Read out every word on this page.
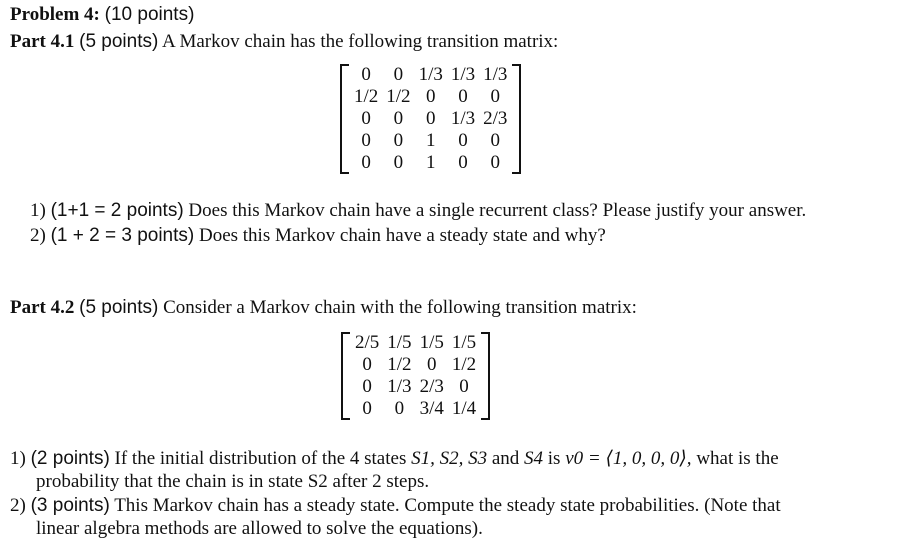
Problem 4: (10 points)
Part 4.1 (5 points) A Markov chain has the following transition matrix:
0	0	1/3	1/3	1/3
1/2	1/2	0	0	0
0	0	0	1/3	2/3
0	0	1	0	0
0	0	1	0	0
1) (1+1 = 2 points) Does this Markov chain have a single recurrent class? Please justify your answer.
2) (1 + 2 = 3 points) Does this Markov chain have a steady state and why?
Part 4.2 (5 points) Consider a Markov chain with the following transition matrix:
2/5	1/5	1/5	1/5
0	1/2	0	1/2
0	1/3	2/3	0
0	0	3/4	1/4
1) (2 points) If the initial distribution of the 4 states S1, S2, S3 and S4 is v0 = ⟨1, 0, 0, 0⟩, what is the
probability that the chain is in state S2 after 2 steps.
2) (3 points) This Markov chain has a steady state. Compute the steady state probabilities. (Note that
linear algebra methods are allowed to solve the equations).
